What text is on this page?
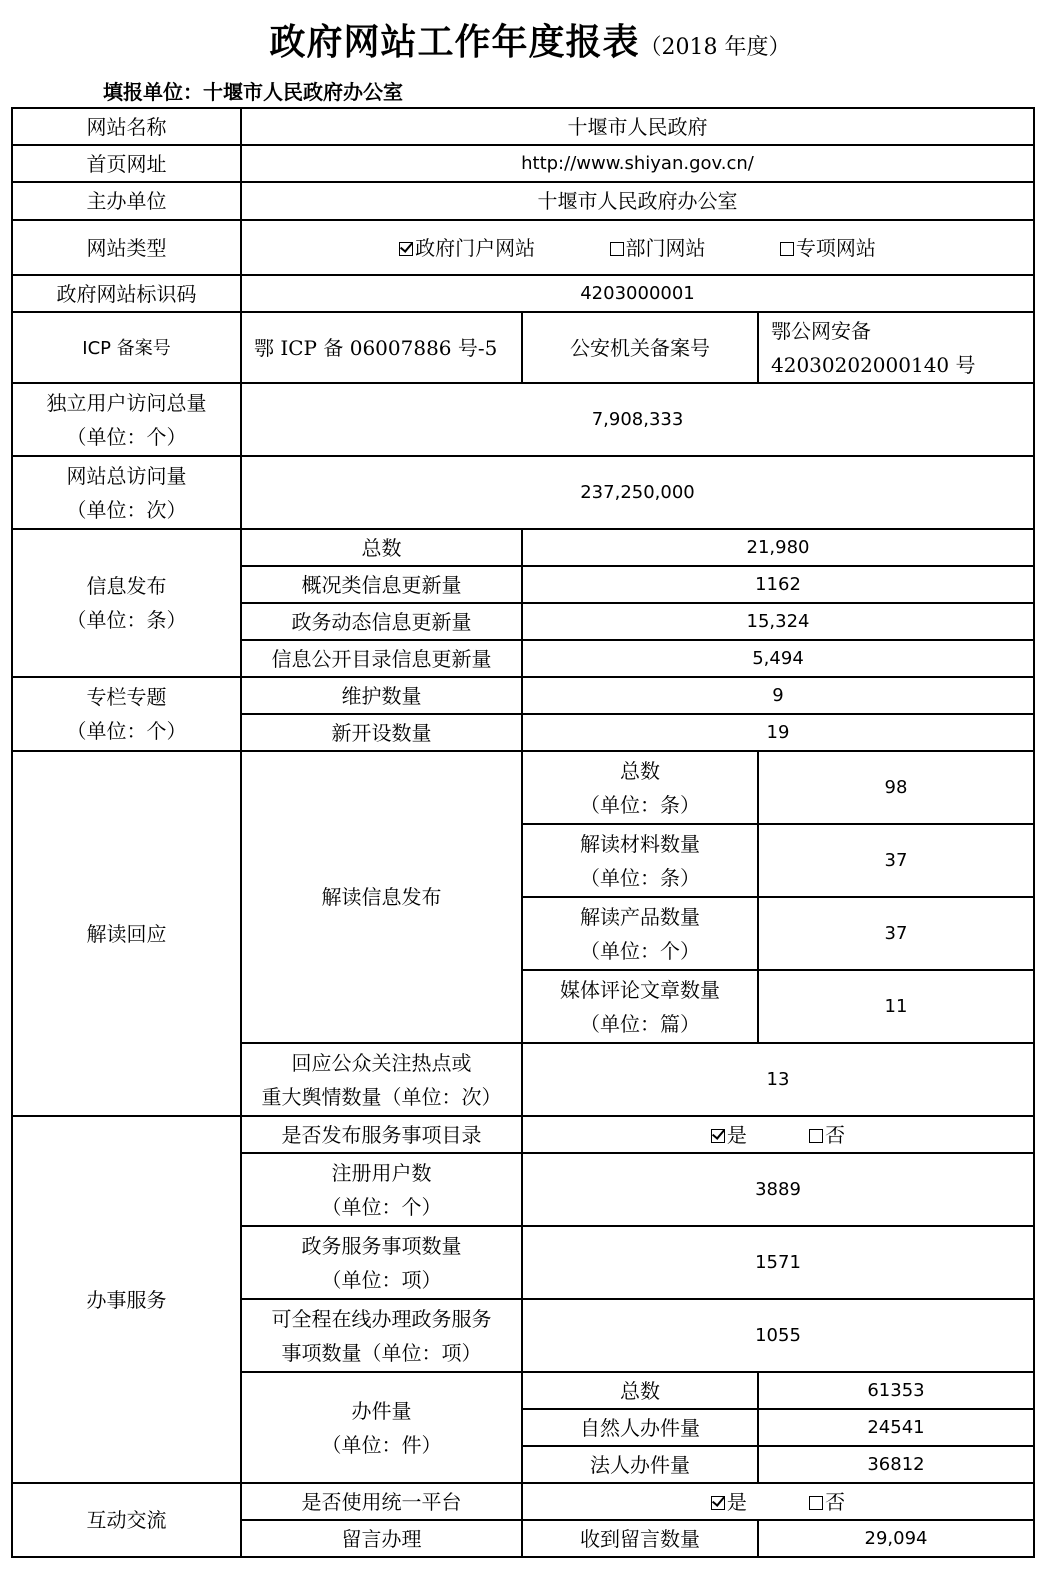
政府网站工作年度报表（2018 年度）
填报单位：十堰市人民政府办公室
网站名称	十堰市人民政府		
首页网址	http://www.shiyan.gov.cn/		
主办单位	十堰市人民政府办公室		
网站类型	政府门户网站 部门网站 专项网站		
政府网站标识码	4203000001		
ICP 备案号	鄂 ICP 备 06007886 号-5	公安机关备案号	鄂公网安备
42030202000140 号

独立用户访问总量
（单位：个）	7,908,333		

网站总访问量
（单位：次）	237,250,000		

信息发布
（单位：条）	总数	21,980	
	概况类信息更新量	1162	
	政务动态信息更新量	15,324	
	信息公开目录信息更新量	5,494	

专栏专题
（单位：个）	维护数量	9	
	新开设数量	19	
解读回应	解读信息发布	总数
（单位：条）	98

		解读材料数量
（单位：条）	37

		解读产品数量
（单位：个）	37

		媒体评论文章数量
（单位：篇）	11

	回应公众关注热点或
重大舆情数量（单位：次）	13	
办事服务	是否发布服务事项目录	是 否	

	注册用户数
（单位：个）	3889	

	政务服务事项数量
（单位：项）	1571	

	可全程在线办理政务服务
事项数量（单位：项）	1055	

	办件量
（单位：件）	总数	61353
		自然人办件量	24541
		法人办件量	36812
互动交流	是否使用统一平台	是 否	
	留言办理	收到留言数量	29,094
